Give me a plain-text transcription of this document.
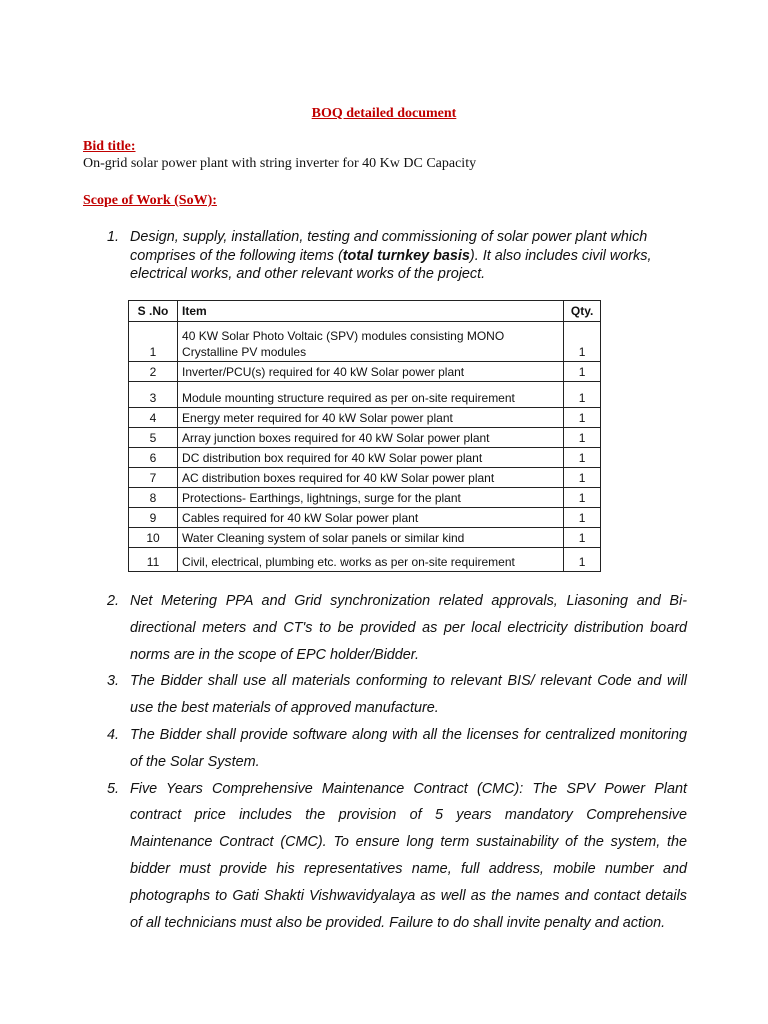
BOQ detailed document
Bid title:
On-grid solar power plant with string inverter for 40 Kw DC Capacity
Scope of Work (SoW):
1. Design, supply, installation, testing and commissioning of solar power plant which comprises of the following items (total turnkey basis). It also includes civil works, electrical works, and other relevant works of the project.
S .No	Item	Qty.
1	40 KW Solar Photo Voltaic (SPV) modules consisting MONO Crystalline PV modules	1
2	Inverter/PCU(s) required for 40 kW Solar power plant	1
3	Module mounting structure required as per on-site requirement	1
4	Energy meter required for 40 kW Solar power plant	1
5	Array junction boxes required for 40 kW Solar power plant	1
6	DC distribution box required for 40 kW Solar power plant	1
7	AC distribution boxes required for 40 kW Solar power plant	1
8	Protections- Earthings, lightnings, surge for the plant	1
9	Cables required for 40 kW Solar power plant	1
10	Water Cleaning system of solar panels or similar kind	1
11	Civil, electrical, plumbing etc. works as per on-site requirement	1
2. Net Metering PPA and Grid synchronization related approvals, Liasoning and Bi-directional meters and CT's to be provided as per local electricity distribution board norms are in the scope of EPC holder/Bidder.
3. The Bidder shall use all materials conforming to relevant BIS/ relevant Code and will use the best materials of approved manufacture.
4. The Bidder shall provide software along with all the licenses for centralized monitoring of the Solar System.
5. Five Years Comprehensive Maintenance Contract (CMC): The SPV Power Plant contract price includes the provision of 5 years mandatory Comprehensive Maintenance Contract (CMC). To ensure long term sustainability of the system, the bidder must provide his representatives name, full address, mobile number and photographs to Gati Shakti Vishwavidyalaya as well as the names and contact details of all technicians must also be provided. Failure to do shall invite penalty and action.
